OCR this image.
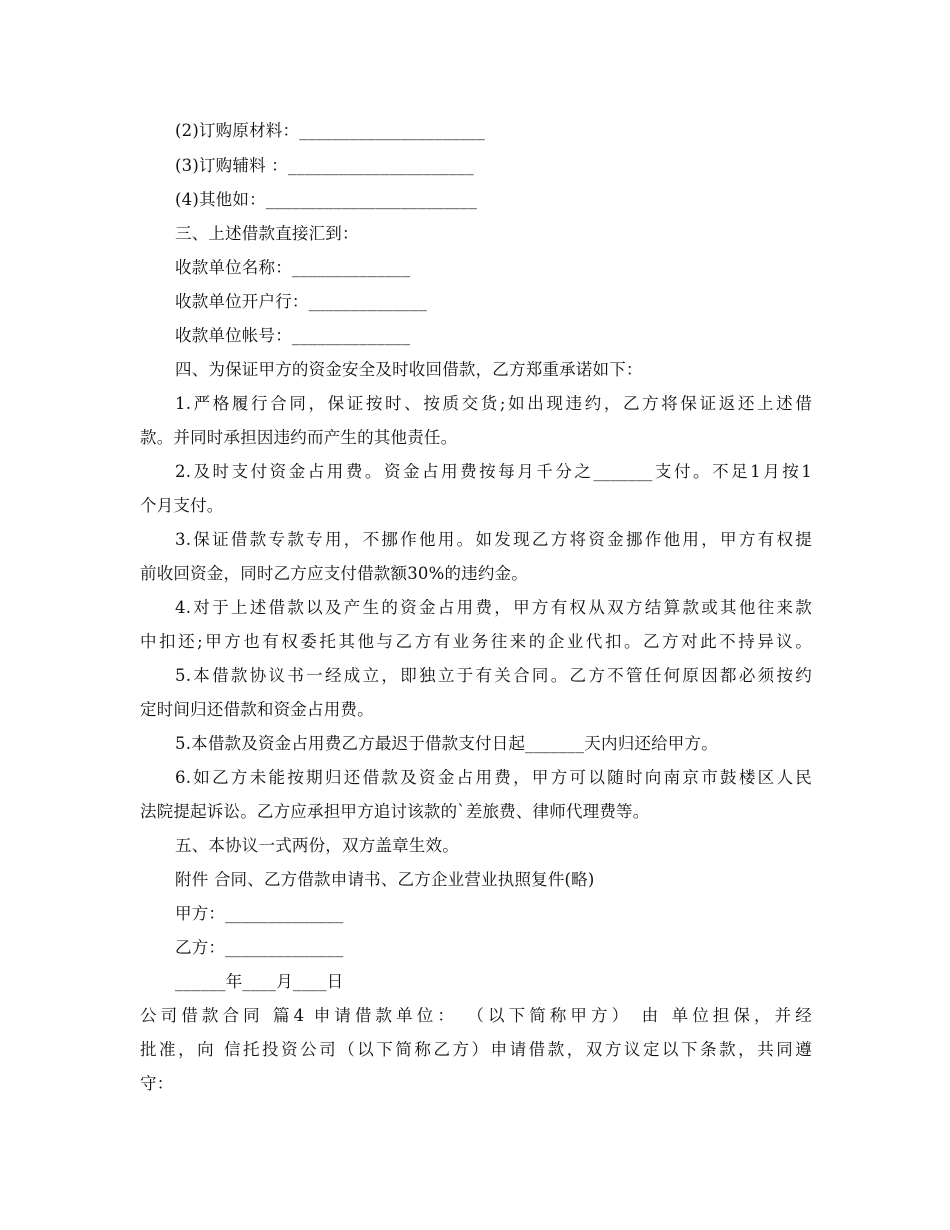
(2)订购原材料：______________________
(3)订购辅料 ：______________________
(4)其他如：_________________________
三、上述借款直接汇到：
收款单位名称：______________
收款单位开户行：______________
收款单位帐号：______________
四、为保证甲方的资金安全及时收回借款，乙方郑重承诺如下：
1.严格履行合同，保证按时、按质交货;如出现违约，乙方将保证返还上述借
款。并同时承担因违约而产生的其他责任。
2.及时支付资金占用费。资金占用费按每月千分之_______支付。不足1月按1
个月支付。
3.保证借款专款专用，不挪作他用。如发现乙方将资金挪作他用，甲方有权提
前收回资金，同时乙方应支付借款额30%的违约金。
4.对于上述借款以及产生的资金占用费，甲方有权从双方结算款或其他往来款
中扣还;甲方也有权委托其他与乙方有业务往来的企业代扣。乙方对此不持异议。
5.本借款协议书一经成立，即独立于有关合同。乙方不管任何原因都必须按约
定时间归还借款和资金占用费。
5.本借款及资金占用费乙方最迟于借款支付日起_______天内归还给甲方。
6.如乙方未能按期归还借款及资金占用费，甲方可以随时向南京市鼓楼区人民
法院提起诉讼。乙方应承担甲方追讨该款的`差旅费、律师代理费等。
五、本协议一式两份，双方盖章生效。
附件 合同、乙方借款申请书、乙方企业营业执照复件(略)
甲方：______________
乙方：______________
______年____月____日
公司借款合同 篇4 申请借款单位： （以下简称甲方） 由 单位担保，并经
批准，向 信托投资公司（以下简称乙方）申请借款，双方议定以下条款，共同遵
守：
